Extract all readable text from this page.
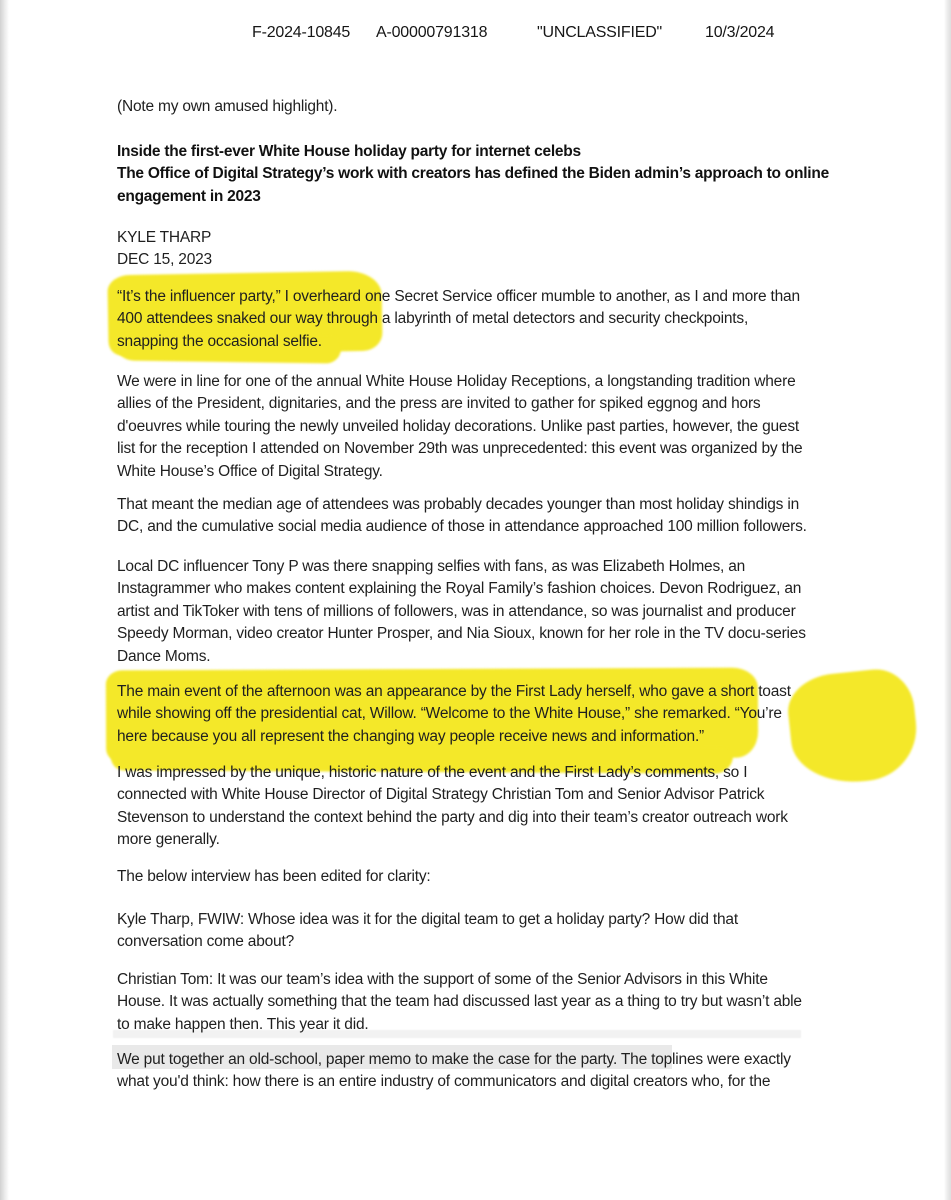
F-2024-10845 A-00000791318	"UNCLASSIFIED"	10/3/2024
(Note my own amused highlight).
Inside the first-ever White House holiday party for internet celebs
The Office of Digital Strategy’s work with creators has defined the Biden admin’s approach to online
engagement in 2023
KYLE THARP
DEC 15, 2023
“It’s the influencer party,” I overheard one Secret Service officer mumble to another, as I and more than
400 attendees snaked our way through a labyrinth of metal detectors and security checkpoints,
snapping the occasional selfie.
We were in line for one of the annual White House Holiday Receptions, a longstanding tradition where
allies of the President, dignitaries, and the press are invited to gather for spiked eggnog and hors
d'oeuvres while touring the newly unveiled holiday decorations. Unlike past parties, however, the guest
list for the reception I attended on November 29th was unprecedented: this event was organized by the
White House’s Office of Digital Strategy.
That meant the median age of attendees was probably decades younger than most holiday shindigs in
DC, and the cumulative social media audience of those in attendance approached 100 million followers.
Local DC influencer Tony P was there snapping selfies with fans, as was Elizabeth Holmes, an
Instagrammer who makes content explaining the Royal Family’s fashion choices. Devon Rodriguez, an
artist and TikToker with tens of millions of followers, was in attendance, so was journalist and producer
Speedy Morman, video creator Hunter Prosper, and Nia Sioux, known for her role in the TV docu-series
Dance Moms.
The main event of the afternoon was an appearance by the First Lady herself, who gave a short toast
while showing off the presidential cat, Willow. “Welcome to the White House,” she remarked. “You’re
here because you all represent the changing way people receive news and information.”
I was impressed by the unique, historic nature of the event and the First Lady’s comments, so I
connected with White House Director of Digital Strategy Christian Tom and Senior Advisor Patrick
Stevenson to understand the context behind the party and dig into their team’s creator outreach work
more generally.
The below interview has been edited for clarity:
Kyle Tharp, FWIW: Whose idea was it for the digital team to get a holiday party? How did that
conversation come about?
Christian Tom: It was our team’s idea with the support of some of the Senior Advisors in this White
House. It was actually something that the team had discussed last year as a thing to try but wasn’t able
to make happen then. This year it did.
We put together an old-school, paper memo to make the case for the party. The toplines were exactly
what you'd think: how there is an entire industry of communicators and digital creators who, for the
